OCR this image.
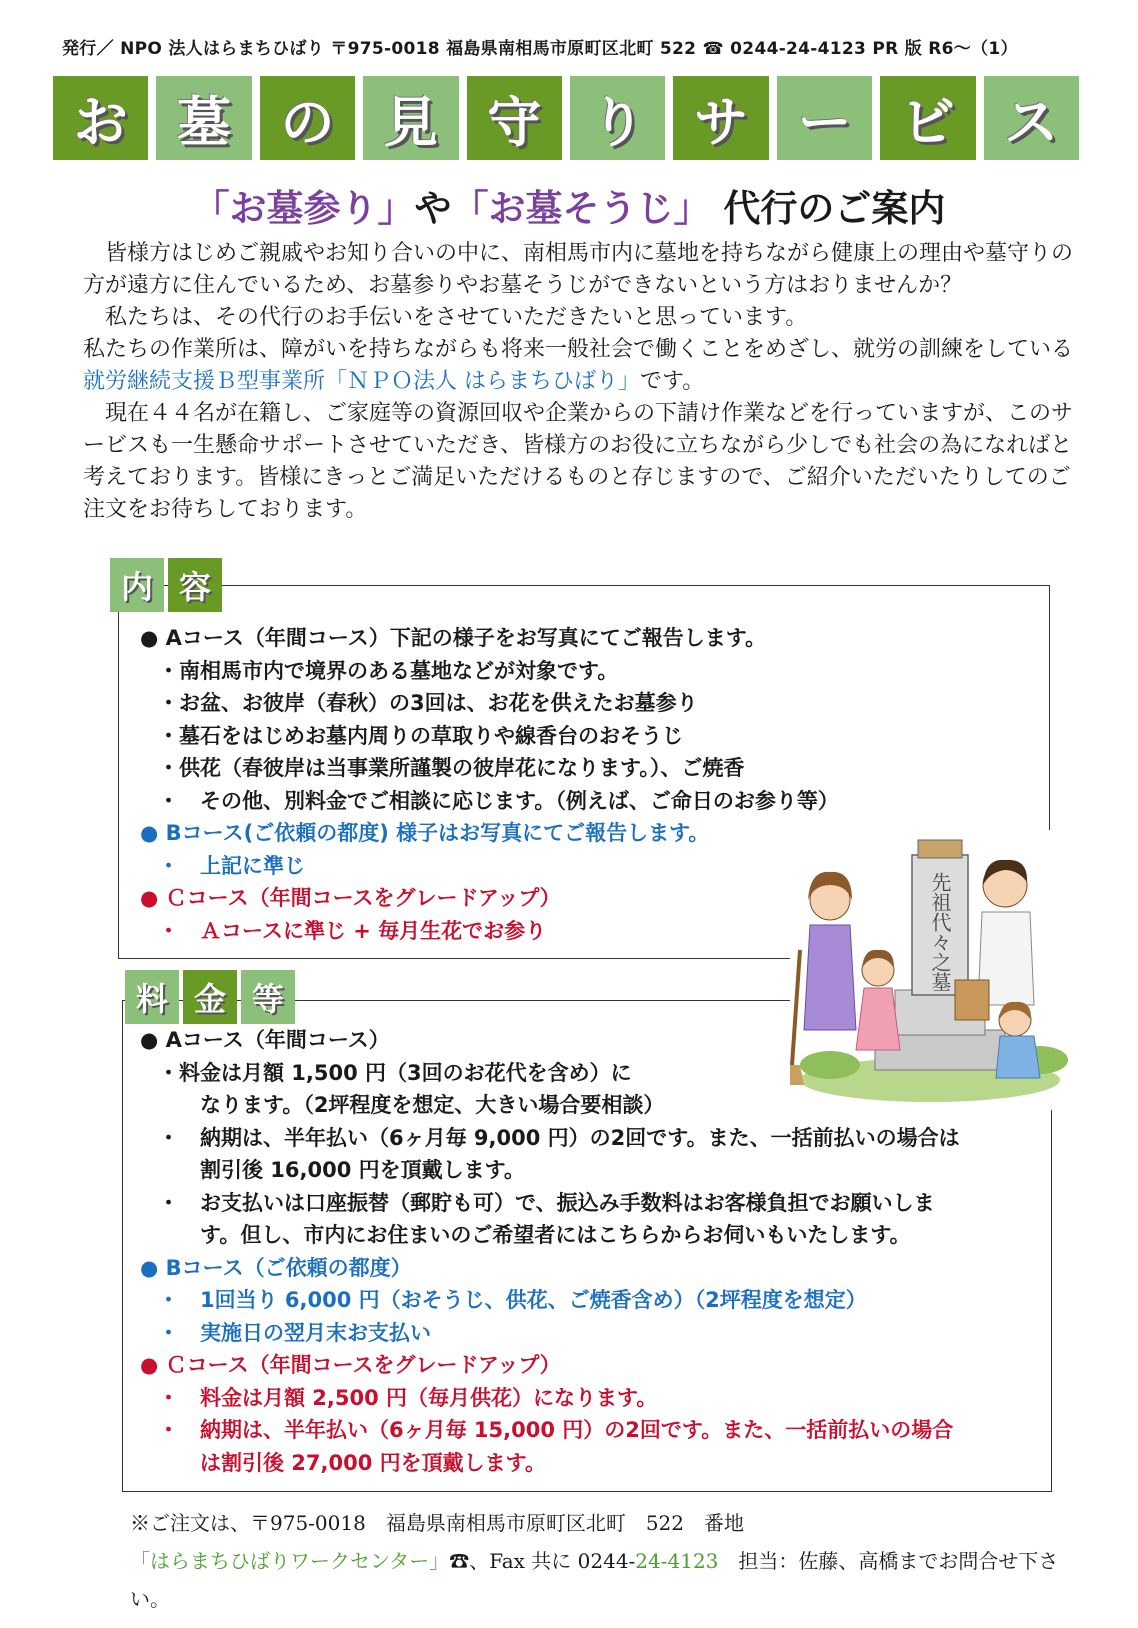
発行／ NPO 法人はらまちひばり 〒975-0018 福島県南相馬市原町区北町 522 ☎ 0244-24-4123 PR 版 R6〜（1）
お 墓 の 見 守 り サ ー ビ ス
「お墓参り」や「お墓そうじ」 代行のご案内

皆様方はじめご親戚やお知り合いの中に、南相馬市内に墓地を持ちながら健康上の理由や墓守りの方が遠方に住んでいるため、お墓参りやお墓そうじができないという方はおりませんか？

私たちは、その代行のお手伝いをさせていただきたいと思っています。

私たちの作業所は、障がいを持ちながらも将来一般社会で働くことをめざし、就労の訓練をしている就労継続支援Ｂ型事業所「ＮＰＯ法人 はらまちひばり」です。

現在４４名が在籍し、ご家庭等の資源回収や企業からの下請け作業などを行っていますが、このサービスも一生懸命サポートさせていただき、皆様方のお役に立ちながら少しでも社会の為になればと考えております。皆様にきっとご満足いただけるものと存じますので、ご紹介いただいたりしてのご注文をお待ちしております。

内 容
● Aコース（年間コース）下記の様子をお写真にてご報告します。
・南相馬市内で境界のある墓地などが対象です。
・お盆、お彼岸（春秋）の3回は、お花を供えたお墓参り
・墓石をはじめお墓内周りの草取りや線香台のおそうじ
・供花（春彼岸は当事業所謹製の彼岸花になります。）、ご焼香
・　その他、別料金でご相談に応じます。（例えば、ご命日のお参り等）
● Bコース(ご依頼の都度) 様子はお写真にてご報告します。
・　上記に準じ
● Ｃコース（年間コースをグレードアップ）
・　Ａコースに準じ + 毎月生花でお参り
料 金 等
● Aコース（年間コース）
・料金は月額 1,500 円（3回のお花代を含め）に
なります。（2坪程度を想定、大きい場合要相談）
・　納期は、半年払い（6ヶ月毎 9,000 円）の2回です。また、一括前払いの場合は
割引後 16,000 円を頂戴します。
・　お支払いは口座振替（郵貯も可）で、振込み手数料はお客様負担でお願いしま
す。但し、市内にお住まいのご希望者にはこちらからお伺いもいたします。
● Bコース（ご依頼の都度）
・　1回当り 6,000 円（おそうじ、供花、ご焼香含め）（2坪程度を想定）
・　実施日の翌月末お支払い
● Ｃコース（年間コースをグレードアップ）
・　料金は月額 2,500 円（毎月供花）になります。
・　納期は、半年払い（6ヶ月毎 15,000 円）の2回です。また、一括前払いの場合
は割引後 27,000 円を頂戴します。
先祖代々之墓
※ご注文は、〒975-0018　福島県南相馬市原町区北町　522　番地「はらまちひばりワークセンター」☎、Fax 共に 0244-24-4123　担当：佐藤、高橋までお問合せ下さい。
